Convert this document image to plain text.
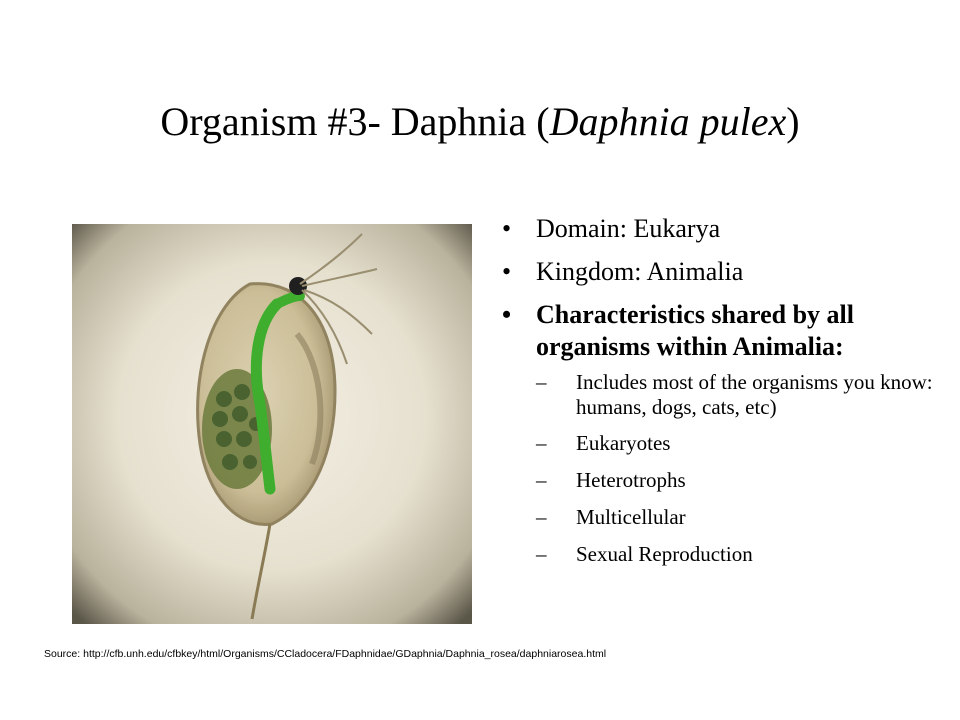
Organism #3- Daphnia (Daphnia pulex)
• Domain: Eukarya
• Kingdom: Animalia
• Characteristics shared by all organisms within Animalia:
– Includes most of the organisms you know: humans, dogs, cats, etc)
– Eukaryotes
– Heterotrophs
– Multicellular
– Sexual Reproduction
Source: http://cfb.unh.edu/cfbkey/html/Organisms/CCladocera/FDaphnidae/GDaphnia/Daphnia_rosea/daphniarosea.html
